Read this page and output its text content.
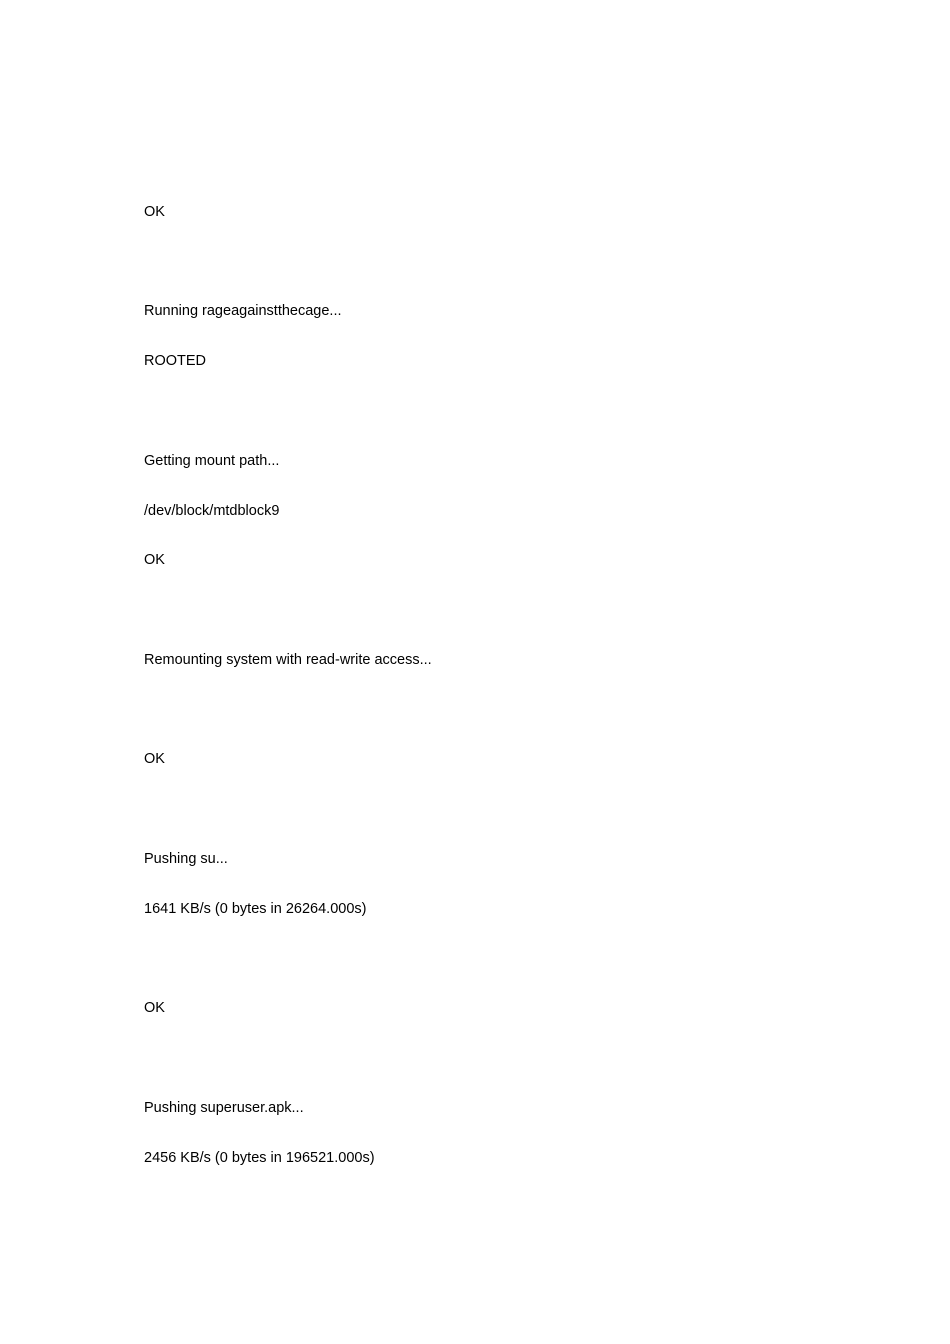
OK

Running rageagainstthecage...

ROOTED

Getting mount path...

/dev/block/mtdblock9

OK

Remounting system with read-write access...

OK

Pushing su...

1641 KB/s (0 bytes in 26264.000s)

OK

Pushing superuser.apk...

2456 KB/s (0 bytes in 196521.000s)
